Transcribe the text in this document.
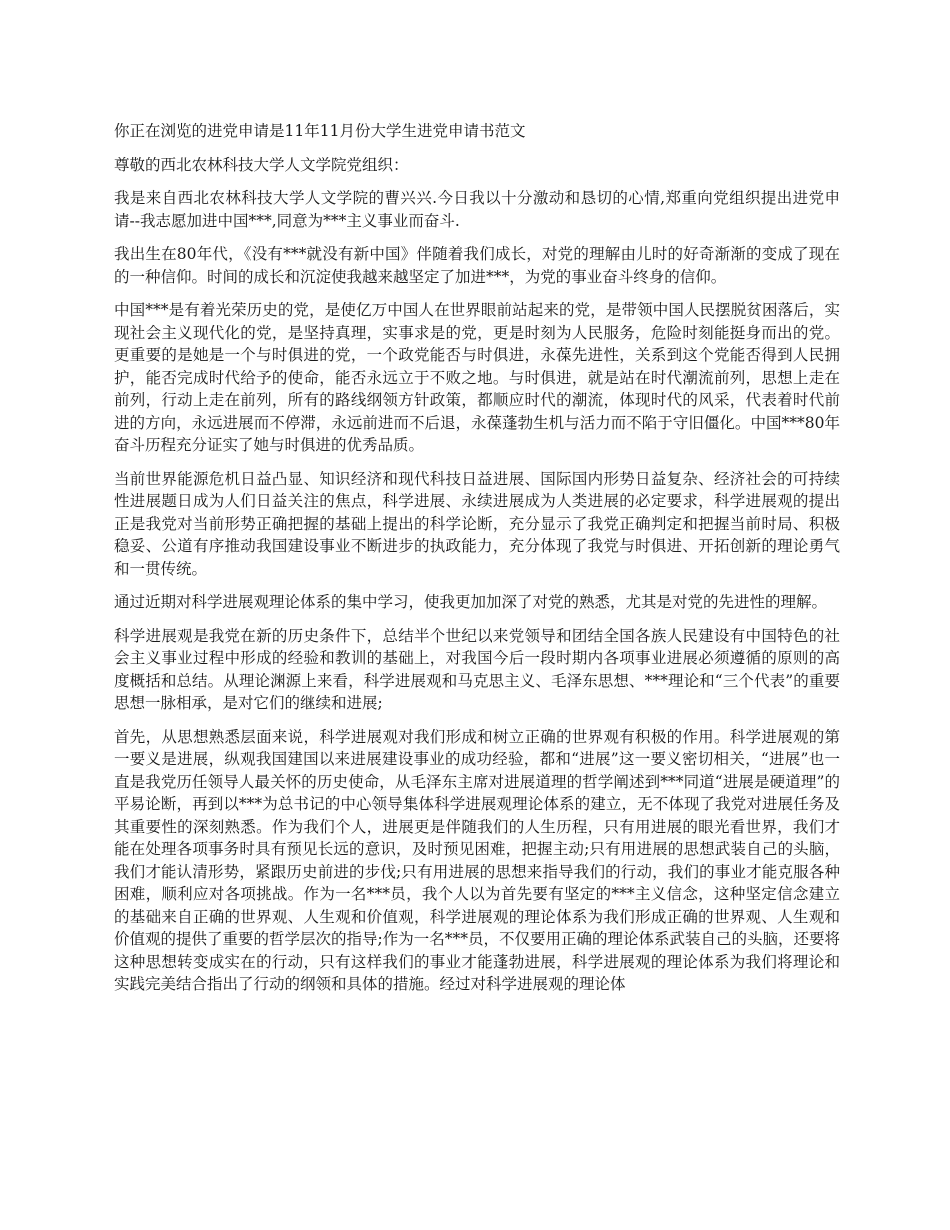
你正在浏览的进党申请是11年11月份大学生进党申请书范文

尊敬的西北农林科技大学人文学院党组织：

我是来自西北农林科技大学人文学院的曹兴兴.今日我以十分激动和恳切的心情,郑重向党组织提出进党申请--我志愿加进中国***,同意为***主义事业而奋斗.

我出生在80年代，《没有***就没有新中国》伴随着我们成长，对党的理解由儿时的好奇渐渐的变成了现在的一种信仰。时间的成长和沉淀使我越来越坚定了加进***，为党的事业奋斗终身的信仰。

中国***是有着光荣历史的党，是使亿万中国人在世界眼前站起来的党，是带领中国人民摆脱贫困落后，实现社会主义现代化的党，是坚持真理，实事求是的党，更是时刻为人民服务，危险时刻能挺身而出的党。更重要的是她是一个与时俱进的党，一个政党能否与时俱进，永葆先进性，关系到这个党能否得到人民拥护，能否完成时代给予的使命，能否永远立于不败之地。与时俱进，就是站在时代潮流前列，思想上走在前列，行动上走在前列，所有的路线纲领方针政策，都顺应时代的潮流，体现时代的风采，代表着时代前进的方向，永远进展而不停滞，永远前进而不后退，永葆蓬勃生机与活力而不陷于守旧僵化。中国***80年奋斗历程充分证实了她与时俱进的优秀品质。

当前世界能源危机日益凸显、知识经济和现代科技日益进展、国际国内形势日益复杂、经济社会的可持续性进展题日成为人们日益关注的焦点，科学进展、永续进展成为人类进展的必定要求，科学进展观的提出正是我党对当前形势正确把握的基础上提出的科学论断，充分显示了我党正确判定和把握当前时局、积极稳妥、公道有序推动我国建设事业不断进步的执政能力，充分体现了我党与时俱进、开拓创新的理论勇气和一贯传统。

通过近期对科学进展观理论体系的集中学习，使我更加加深了对党的熟悉，尤其是对党的先进性的理解。

科学进展观是我党在新的历史条件下，总结半个世纪以来党领导和团结全国各族人民建设有中国特色的社会主义事业过程中形成的经验和教训的基础上，对我国今后一段时期内各项事业进展必须遵循的原则的高度概括和总结。从理论渊源上来看，科学进展观和马克思主义、毛泽东思想、***理论和“三个代表”的重要思想一脉相承，是对它们的继续和进展;

首先，从思想熟悉层面来说，科学进展观对我们形成和树立正确的世界观有积极的作用。科学进展观的第一要义是进展，纵观我国建国以来进展建设事业的成功经验，都和“进展”这一要义密切相关，“进展”也一直是我党历任领导人最关怀的历史使命，从毛泽东主席对进展道理的哲学阐述到***同道“进展是硬道理”的平易论断，再到以***为总书记的中心领导集体科学进展观理论体系的建立，无不体现了我党对进展任务及其重要性的深刻熟悉。作为我们个人，进展更是伴随我们的人生历程，只有用进展的眼光看世界，我们才能在处理各项事务时具有预见长远的意识，及时预见困难，把握主动;只有用进展的思想武装自己的头脑，我们才能认清形势，紧跟历史前进的步伐;只有用进展的思想来指导我们的行动，我们的事业才能克服各种困难，顺利应对各项挑战。作为一名***员，我个人以为首先要有坚定的***主义信念，这种坚定信念建立的基础来自正确的世界观、人生观和价值观，科学进展观的理论体系为我们形成正确的世界观、人生观和价值观的提供了重要的哲学层次的指导;作为一名***员，不仅要用正确的理论体系武装自己的头脑，还要将这种思想转变成实在的行动，只有这样我们的事业才能蓬勃进展，科学进展观的理论体系为我们将理论和实践完美结合指出了行动的纲领和具体的措施。经过对科学进展观的理论体
